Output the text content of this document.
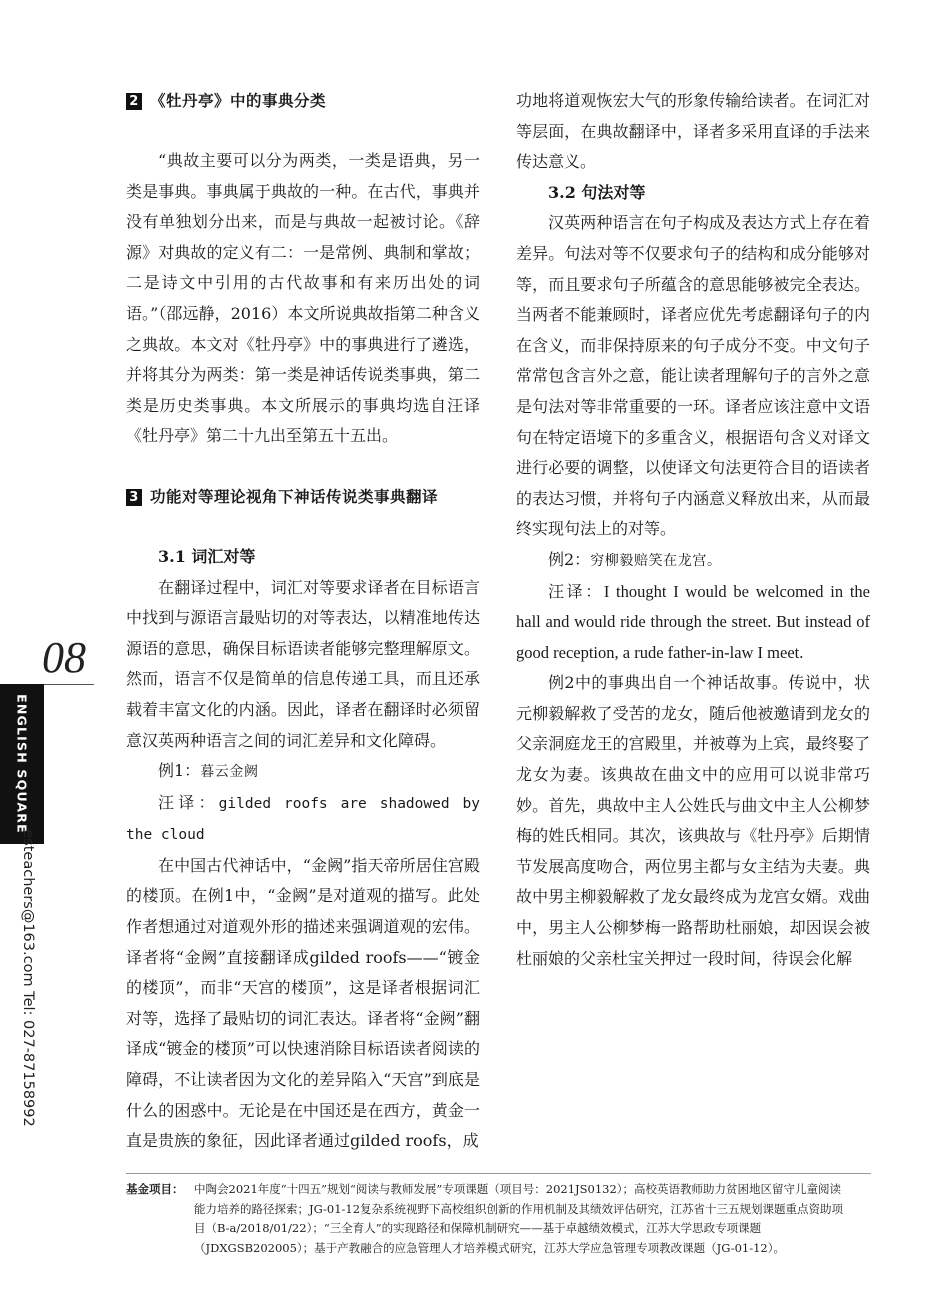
08
ENGLISH SQUARE
esteachers@163.com Tel: 027-87158992
2 《牡丹亭》中的事典分类

“典故主要可以分为两类，一类是语典，另一类是事典。事典属于典故的一种。在古代，事典并没有单独划分出来，而是与典故一起被讨论。《辞源》对典故的定义有二：一是常例、典制和掌故；二是诗文中引用的古代故事和有来历出处的词语。”（邵远静，2016）本文所说典故指第二种含义之典故。本文对《牡丹亭》中的事典进行了遴选，并将其分为两类：第一类是神话传说类事典，第二类是历史类事典。本文所展示的事典均选自汪译《牡丹亭》第二十九出至第五十五出。

3 功能对等理论视角下神话传说类事典翻译

3.1 词汇对等

在翻译过程中，词汇对等要求译者在目标语言中找到与源语言最贴切的对等表达，以精准地传达源语的意思，确保目标语读者能够完整理解原文。然而，语言不仅是简单的信息传递工具，而且还承载着丰富文化的内涵。因此，译者在翻译时必须留意汉英两种语言之间的词汇差异和文化障碍。

例1：暮云金阙

汪译：gilded roofs are shadowed by the cloud

在中国古代神话中，“金阙”指天帝所居住宫殿的楼顶。在例1中，“金阙”是对道观的描写。此处作者想通过对道观外形的描述来强调道观的宏伟。译者将“金阙”直接翻译成gilded roofs——“镀金的楼顶”，而非“天宫的楼顶”，这是译者根据词汇对等，选择了最贴切的词汇表达。译者将“金阙”翻译成“镀金的楼顶”可以快速消除目标语读者阅读的障碍，不让读者因为文化的差异陷入“天宫”到底是什么的困惑中。无论是在中国还是在西方，黄金一直是贵族的象征，因此译者通过gilded roofs，成

功地将道观恢宏大气的形象传输给读者。在词汇对等层面，在典故翻译中，译者多采用直译的手法来传达意义。

3.2 句法对等

汉英两种语言在句子构成及表达方式上存在着差异。句法对等不仅要求句子的结构和成分能够对等，而且要求句子所蕴含的意思能够被完全表达。当两者不能兼顾时，译者应优先考虑翻译句子的内在含义，而非保持原来的句子成分不变。中文句子常常包含言外之意，能让读者理解句子的言外之意是句法对等非常重要的一环。译者应该注意中文语句在特定语境下的多重含义，根据语句含义对译文进行必要的调整，以使译文句法更符合目的语读者的表达习惯，并将句子内涵意义释放出来，从而最终实现句法上的对等。

例2：穷柳毅赔笑在龙宫。

汪译：I thought I would be welcomed in the hall and would ride through the street. But instead of good reception, a rude father-in-law I meet.

例2中的事典出自一个神话故事。传说中，状元柳毅解救了受苦的龙女，随后他被邀请到龙女的父亲洞庭龙王的宫殿里，并被尊为上宾，最终娶了龙女为妻。该典故在曲文中的应用可以说非常巧妙。首先，典故中主人公姓氏与曲文中主人公柳梦梅的姓氏相同。其次，该典故与《牡丹亭》后期情节发展高度吻合，两位男主都与女主结为夫妻。典故中男主柳毅解救了龙女最终成为龙宫女婿。戏曲中，男主人公柳梦梅一路帮助杜丽娘，却因误会被杜丽娘的父亲杜宝关押过一段时间，待误会化解

基金项目： 中陶会2021年度“十四五”规划“阅读与教师发展”专项课题（项目号：2021JS0132）；高校英语教师助力贫困地区留守儿童阅读能力培养的路径探索；JG-01-12复杂系统视野下高校组织创新的作用机制及其绩效评估研究，江苏省十三五规划课题重点资助项目（B-a/2018/01/22）；“三全育人”的实现路径和保障机制研究——基于卓越绩效模式，江苏大学思政专项课题（JDXGSB202005）；基于产教融合的应急管理人才培养模式研究，江苏大学应急管理专项教改课题（JG-01-12）。
